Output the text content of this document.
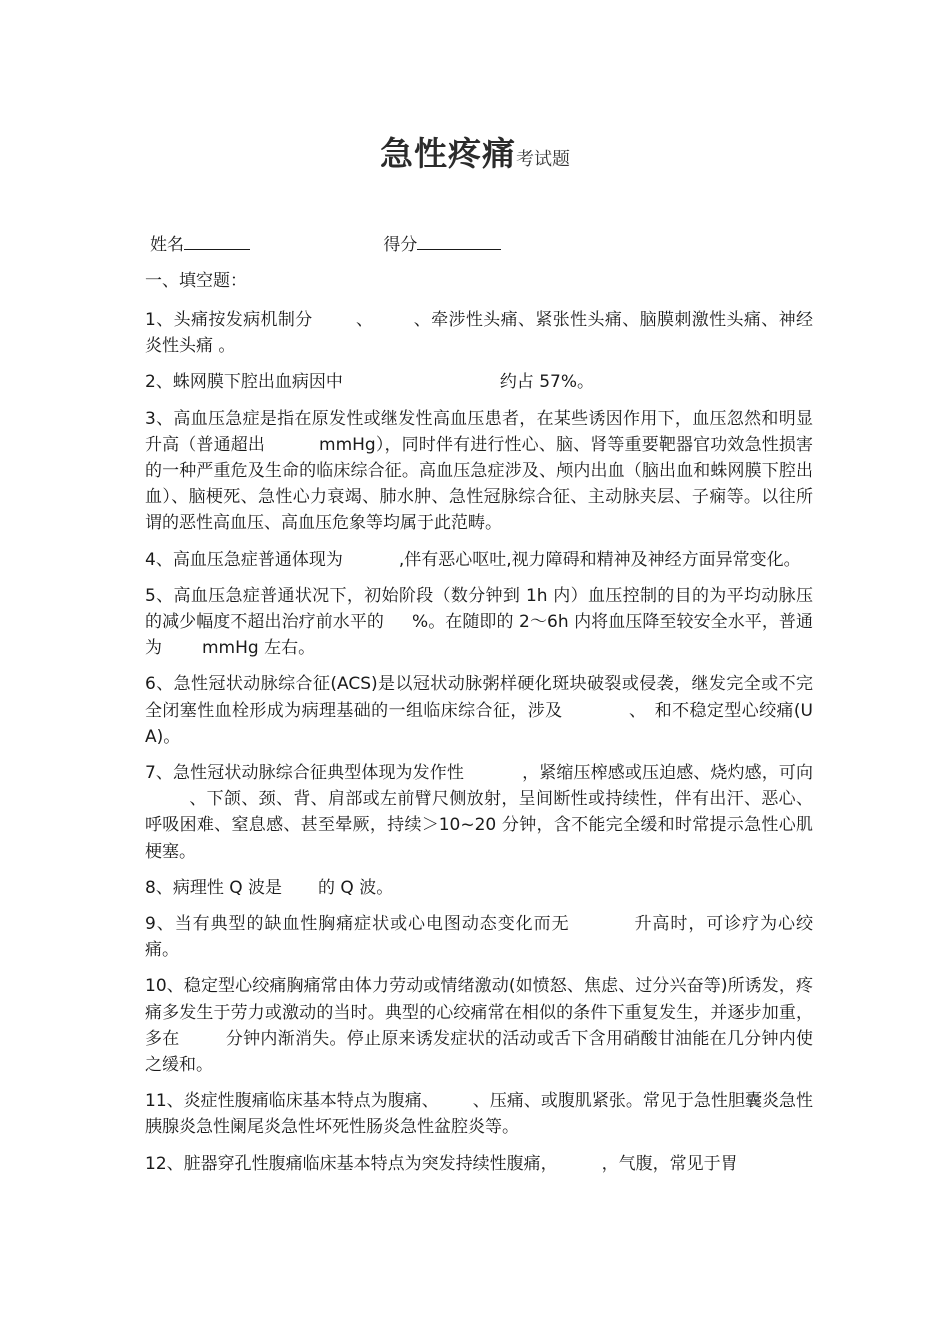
急性疼痛考试题
姓名	得分
一、填空题：

1、头痛按发病机制分	、 、牵涉性头痛、紧张性头痛、脑膜刺激性头痛、神经炎性头痛 。

2、蛛网膜下腔出血病因中	约占 57%。

3、高血压急症是指在原发性或继发性高血压患者，在某些诱因作用下，血压忽然和明显升高（普通超出	mmHg），同时伴有进行性心、脑、肾等重要靶器官功效急性损害的一种严重危及生命的临床综合征。高血压急症涉及、颅内出血（脑出血和蛛网膜下腔出血）、脑梗死、急性心力衰竭、肺水肿、急性冠脉综合征、主动脉夹层、子痫等。以往所谓的恶性高血压、高血压危象等均属于此范畴。

4、高血压急症普通体现为	,伴有恶心呕吐,视力障碍和精神及神经方面异常变化。

5、高血压急症普通状况下，初始阶段（数分钟到 1h 内）血压控制的目的为平均动脉压的减少幅度不超出治疗前水平的 %。在随即的 2～6h 内将血压降至较安全水平，普通为 mmHg 左右。

6、急性冠状动脉综合征(ACS)是以冠状动脉粥样硬化斑块破裂或侵袭，继发完全或不完全闭塞性血栓形成为病理基础的一组临床综合征，涉及	、 和不稳定型心绞痛(UA)。

7、急性冠状动脉综合征典型体现为发作性	，紧缩压榨感或压迫感、烧灼感，可向、下颌、颈、背、肩部或左前臂尺侧放射，呈间断性或持续性，伴有出汗、恶心、呼吸困难、窒息感、甚至晕厥，持续＞10~20 分钟，含不能完全缓和时常提示急性心肌梗塞。

8、病理性 Q 波是 的 Q 波。

9、当有典型的缺血性胸痛症状或心电图动态变化而无	升高时，可诊疗为心绞痛。

10、稳定型心绞痛胸痛常由体力劳动或情绪激动(如愤怒、焦虑、过分兴奋等)所诱发，疼痛多发生于劳力或激动的当时。典型的心绞痛常在相似的条件下重复发生，并逐步加重，多在	分钟内渐消失。停止原来诱发症状的活动或舌下含用硝酸甘油能在几分钟内使之缓和。

11、炎症性腹痛临床基本特点为腹痛、 、压痛、或腹肌紧张。常见于急性胆囊炎急性胰腺炎急性阑尾炎急性坏死性肠炎急性盆腔炎等。

12、脏器穿孔性腹痛临床基本特点为突发持续性腹痛，	，气腹，常见于胃
